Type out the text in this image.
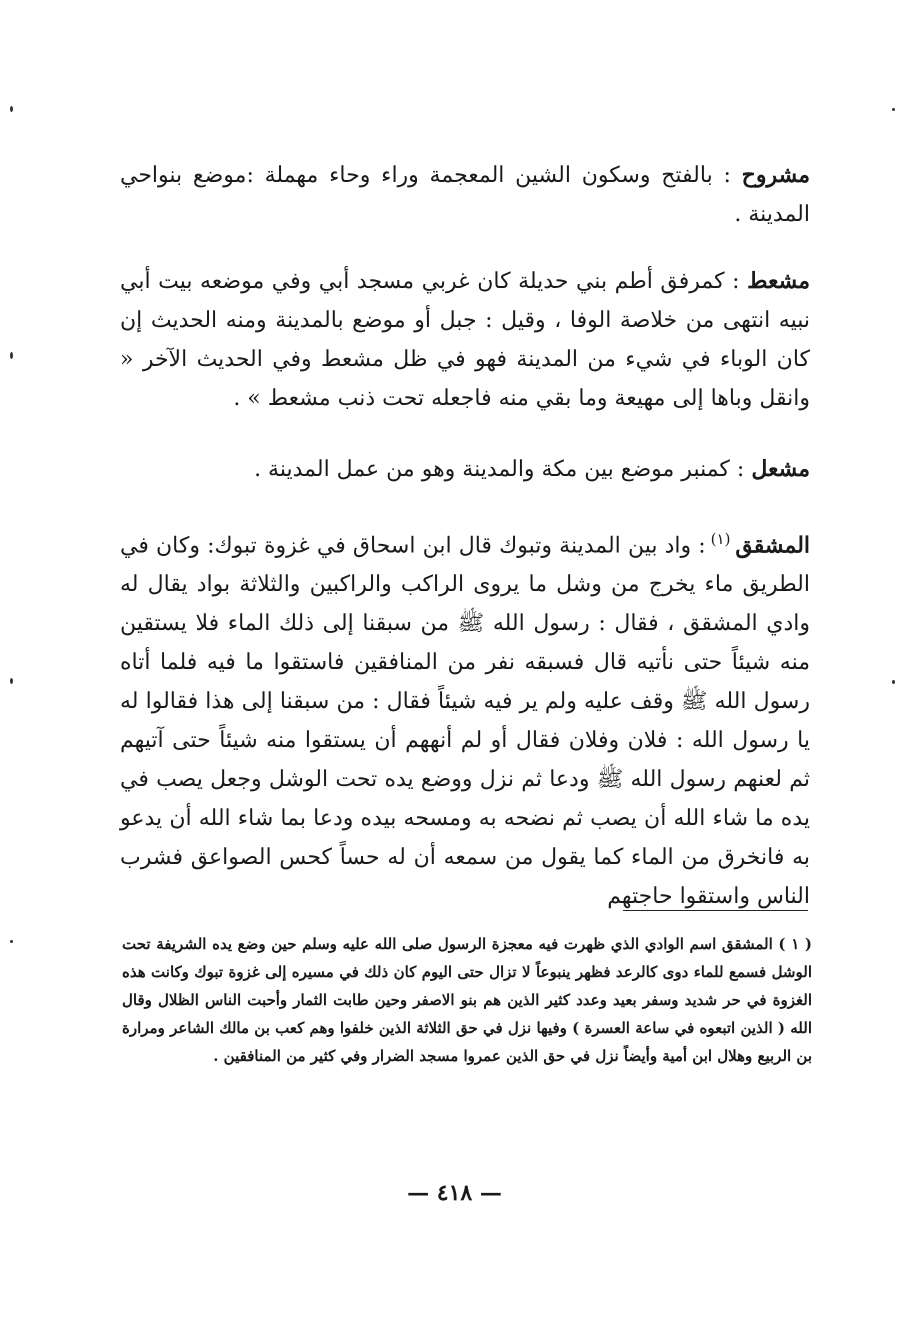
مشروح : بالفتح وسكون الشين المعجمة وراء وحاء مهملة :موضع بنواحي المدينة .

مشعط : كمرفق أطم بني حديلة كان غربي مسجد أبي وفي موضعه بيت أبي نبيه انتهى من خلاصة الوفا ، وقيل : جبل أو موضع بالمدينة ومنه الحديث إن كان الوباء في شيء من المدينة فهو في ظل مشعط وفي الحديث الآخر « وانقل وباها إلى مهيعة وما بقي منه فاجعله تحت ذنب مشعط » .

مشعل : كمنبر موضع بين مكة والمدينة وهو من عمل المدينة .

المشقق $^{(١)}$ : واد بين المدينة وتبوك قال ابن اسحاق في غزوة تبوك: وكان في الطريق ماء يخرج من وشل ما يروى الراكب والراكبين والثلاثة بواد يقال له وادي المشقق ، فقال : رسول الله ﷺ من سبقنا إلى ذلك الماء فلا يستقين منه شيئاً حتى نأتيه قال فسبقه نفر من المنافقين فاستقوا ما فيه فلما أتاه رسول الله ﷺ وقف عليه ولم ير فيه شيئاً فقال : من سبقنا إلى هذا فقالوا له يا رسول الله : فلان وفلان فقال أو لم أنههم أن يستقوا منه شيئاً حتى آتيهم ثم لعنهم رسول الله ﷺ ودعا ثم نزل ووضع يده تحت الوشل وجعل يصب في يده ما شاء الله أن يصب ثم نضحه به ومسحه بيده ودعا بما شاء الله أن يدعو به فانخرق من الماء كما يقول من سمعه أن له حساً كحس الصواعق فشرب الناس واستقوا حاجتهم

( ١ ) المشقق اسم الوادي الذي ظهرت فيه معجزة الرسول صلى الله عليه وسلم حين وضع يده الشريفة تحت الوشل فسمع للماء دوى كالرعد فظهر ينبوعاً لا تزال حتى اليوم كان ذلك في مسيره إلى غزوة تبوك وكانت هذه الغزوة في حر شديد وسفر بعيد وعدد كثير الذين هم بنو الاصفر وحين طابت الثمار وأحبت الناس الظلال وقال الله ( الذين اتبعوه في ساعة العسرة ) وفيها نزل في حق الثلاثة الذين خلفوا وهم كعب بن مالك الشاعر ومرارة بن الربيع وهلال ابن أمية وأيضاً نزل في حق الذين عمروا مسجد الضرار وفي كثير من المنافقين .

— ٤١٨ —
